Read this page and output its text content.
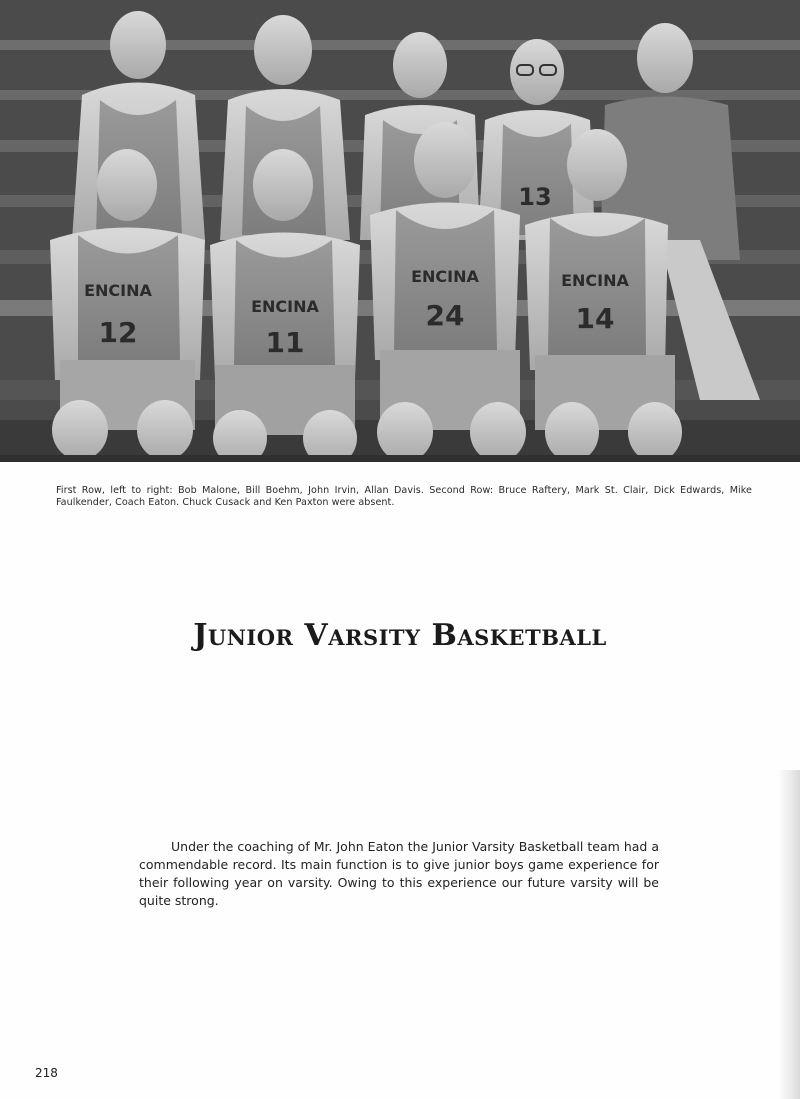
13
12
ENCINA
11
ENCINA	24
ENCINA
14
ENCINA

First Row, left to right: Bob Malone, Bill Boehm, John Irvin, Allan Davis. Second Row: Bruce Raftery, Mark St. Clair, Dick Edwards, Mike Faulkender, Coach Eaton. Chuck Cusack and Ken Paxton were absent.

Junior Varsity Basketball

Under the coaching of Mr. John Eaton the Junior Varsity Basketball team had a commendable record. Its main function is to give junior boys game experience for their following year on varsity. Owing to this experience our future varsity will be quite strong.

218
